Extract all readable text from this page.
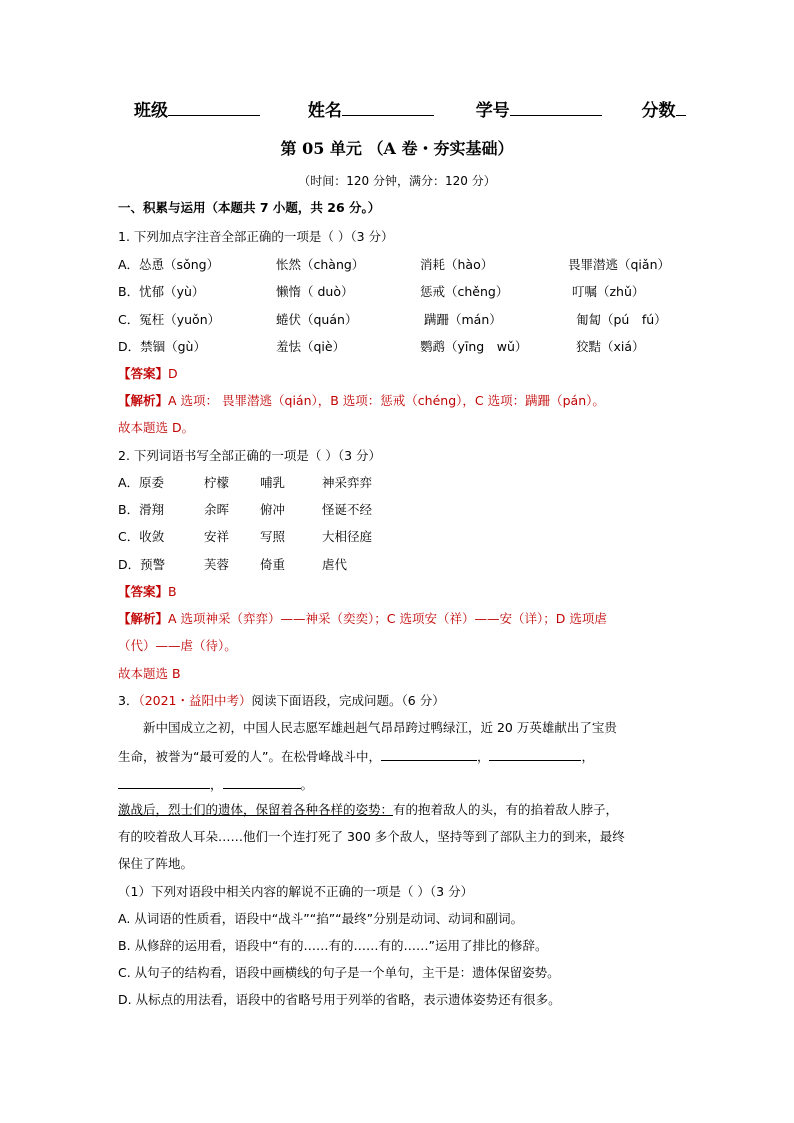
班级	姓名	学号	分数
第 05 单元 （A 卷・夯实基础）
（时间：120 分钟，满分：120 分）
一、积累与运用（本题共 7 小题，共 26 分。）
1. 下列加点字注音全部正确的一项是（ ）（3 分）
A．怂恿（sǒng）	怅然（chàng）	消耗（hào）	畏罪潜逃（qiǎn）
B．忧郁（yù）	懒惰（ duò）	惩戒（chěng）	叮嘱（zhǔ）
C．冤枉（yuǒn）	蜷伏（quán）	蹒跚（mán）	匍匐（pú　fú）
D．禁锢（gù）	羞怯（qiè）	鹦鹉（yīng　wǔ）	狡黠（xiá）
【答案】D
【解析】A 选项： 畏罪潜逃（qián），B 选项：惩戒（chéng），C 选项：蹒跚（pán）。
故本题选 D。
2. 下列词语书写全部正确的一项是（ ）（3 分）
A．原委	柠檬 哺乳	神采弈弈
B．滑翔	余晖 俯冲	怪诞不经
C．收敛	安祥 写照	大相径庭
D．预警	芙蓉 倚重	虐代
【答案】B
【解析】A 选项神采（弈弈）——神采（奕奕）；C 选项安（祥）——安（详）；D 选项虐
（代）——虐（待）。
故本题选 B
3．（2021・益阳中考）阅读下面语段，完成问题。（6 分）
新中国成立之初，中国人民志愿军雄赳赳气昂昂跨过鸭绿江，近 20 万英雄献出了宝贵
生命，被誉为“最可爱的人”。在松骨峰战斗中，	，	，
，	。
激战后，烈士们的遗体，保留着各种各样的姿势：有的抱着敌人的头，有的掐着敌人脖子，
有的咬着敌人耳朵……他们一个连打死了 300 多个敌人，坚持等到了部队主力的到来，最终
保住了阵地。
（1）下列对语段中相关内容的解说不正确的一项是（ ）（3 分）
A. 从词语的性质看，语段中“战斗”“掐”“最终”分别是动词、动词和副词。
B. 从修辞的运用看，语段中“有的……有的……有的……”运用了排比的修辞。
C. 从句子的结构看，语段中画横线的句子是一个单句，主干是：遗体保留姿势。
D. 从标点的用法看，语段中的省略号用于列举的省略，表示遗体姿势还有很多。
